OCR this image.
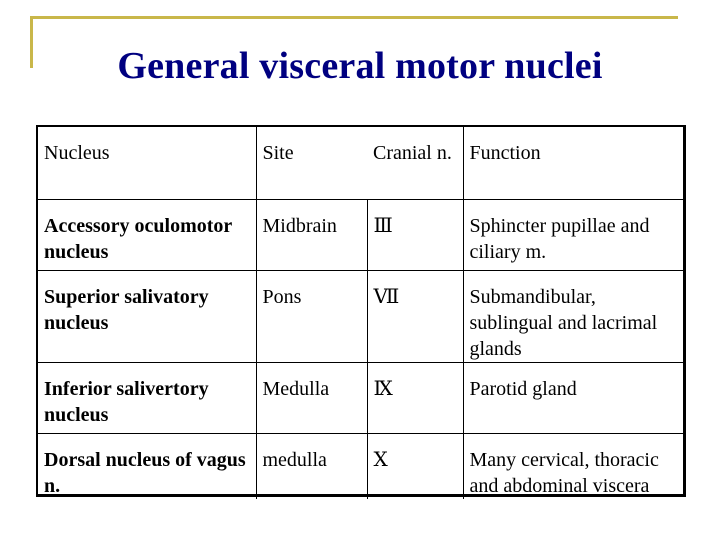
General visceral motor nuclei
Nucleus	Site	Cranial n.	Function
Accessory oculomotor nucleus	Midbrain	Ⅲ	Sphincter pupillae and ciliary m.
Superior salivatory nucleus	Pons	Ⅶ	Submandibular, sublingual and lacrimal glands
Inferior salivertory nucleus	Medulla	Ⅸ	Parotid gland
Dorsal nucleus of vagus n.	medulla	Ⅹ	Many cervical, thoracic and abdominal viscera
